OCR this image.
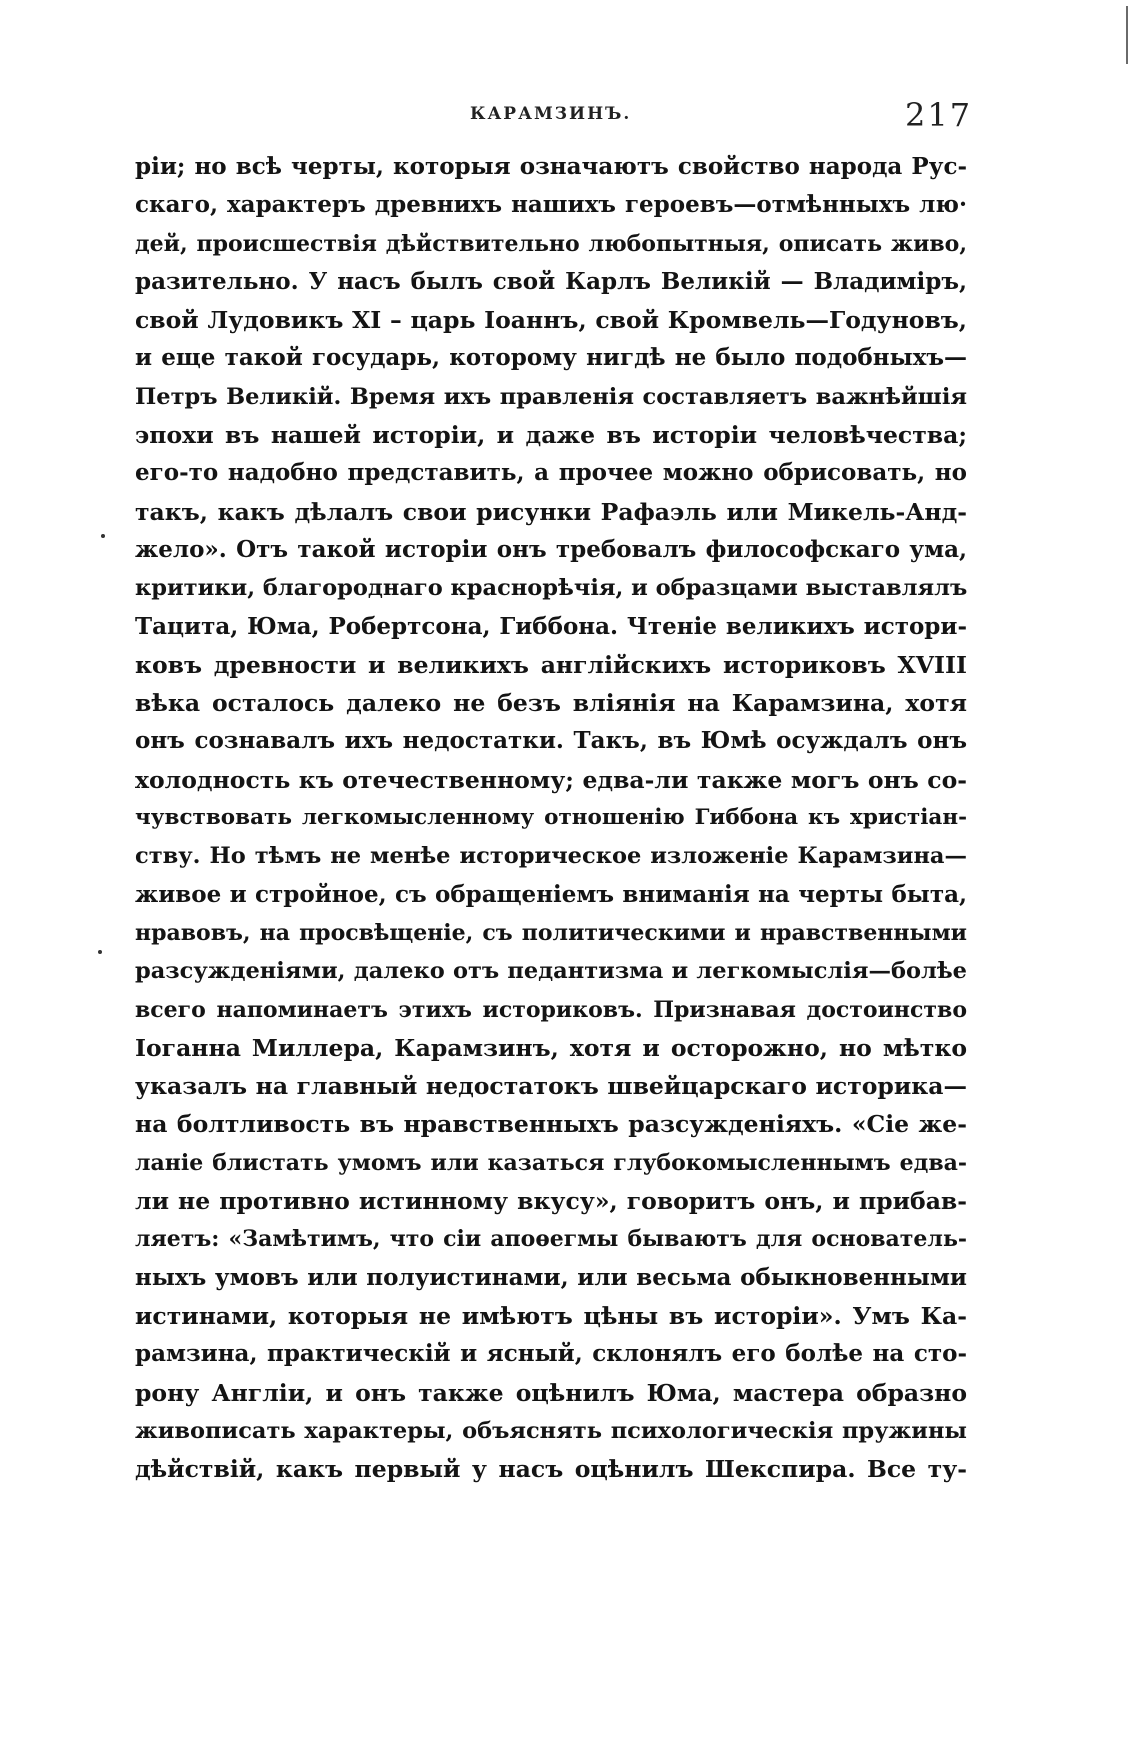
КАРАМЗИНЪ.	217
ріи; но всѣ черты, которыя означаютъ свойство народа Рус-
скаго, характеръ древнихъ нашихъ героевъ—отмѣнныхъ лю·
дей, происшествія дѣйствительно любопытныя, описать живо,
разительно. У насъ былъ свой Карлъ Великій — Владиміръ,
свой Лудовикъ XI – царь Іоаннъ, свой Кромвель—Годуновъ,
и еще такой государь, которому нигдѣ не было подобныхъ—
Петръ Великій. Время ихъ правленія составляетъ важнѣйшія
эпохи въ нашей исторіи, и даже въ исторіи человѣчества;
его-то надобно представить, а прочее можно обрисовать, но
такъ, какъ дѣлалъ свои рисунки Рафаэль или Микель-Анд-
жело». Отъ такой исторіи онъ требовалъ философскаго ума,
критики, благороднаго краснорѣчія, и образцами выставлялъ
Тацита, Юма, Робертсона, Гиббона. Чтеніе великихъ истори-
ковъ древности и великихъ англійскихъ историковъ XVIII
вѣка осталось далеко не безъ вліянія на Карамзина, хотя
онъ сознавалъ ихъ недостатки. Такъ, въ Юмѣ осуждалъ онъ
холодность къ отечественному; едва-ли также могъ онъ со-
чувствовать легкомысленному отношенію Гиббона къ христіан-
ству. Но тѣмъ не менѣе историческое изложеніе Карамзина—
живое и стройное, съ обращеніемъ вниманія на черты быта,
нравовъ, на просвѣщеніе, съ политическими и нравственными
разсужденіями, далеко отъ педантизма и легкомыслія—болѣе
всего напоминаетъ этихъ историковъ. Признавая достоинство
Іоганна Миллера, Карамзинъ, хотя и осторожно, но мѣтко
указалъ на главный недостатокъ швейцарскаго историка—
на болтливость въ нравственныхъ разсужденіяхъ. «Сіе же-
ланіе блистать умомъ или казаться глубокомысленнымъ едва-
ли не противно истинному вкусу», говоритъ онъ, и прибав-
ляетъ: «Замѣтимъ, что сіи апоѳегмы бываютъ для основатель-
ныхъ умовъ или полуистинами, или весьма обыкновенными
истинами, которыя не имѣютъ цѣны въ исторіи». Умъ Ка-
рамзина, практическій и ясный, склонялъ его болѣе на сто-
рону Англіи, и онъ также оцѣнилъ Юма, мастера образно
живописать характеры, объяснять психологическія пружины
дѣйствій, какъ первый у насъ оцѣнилъ Шекспира. Все ту-
